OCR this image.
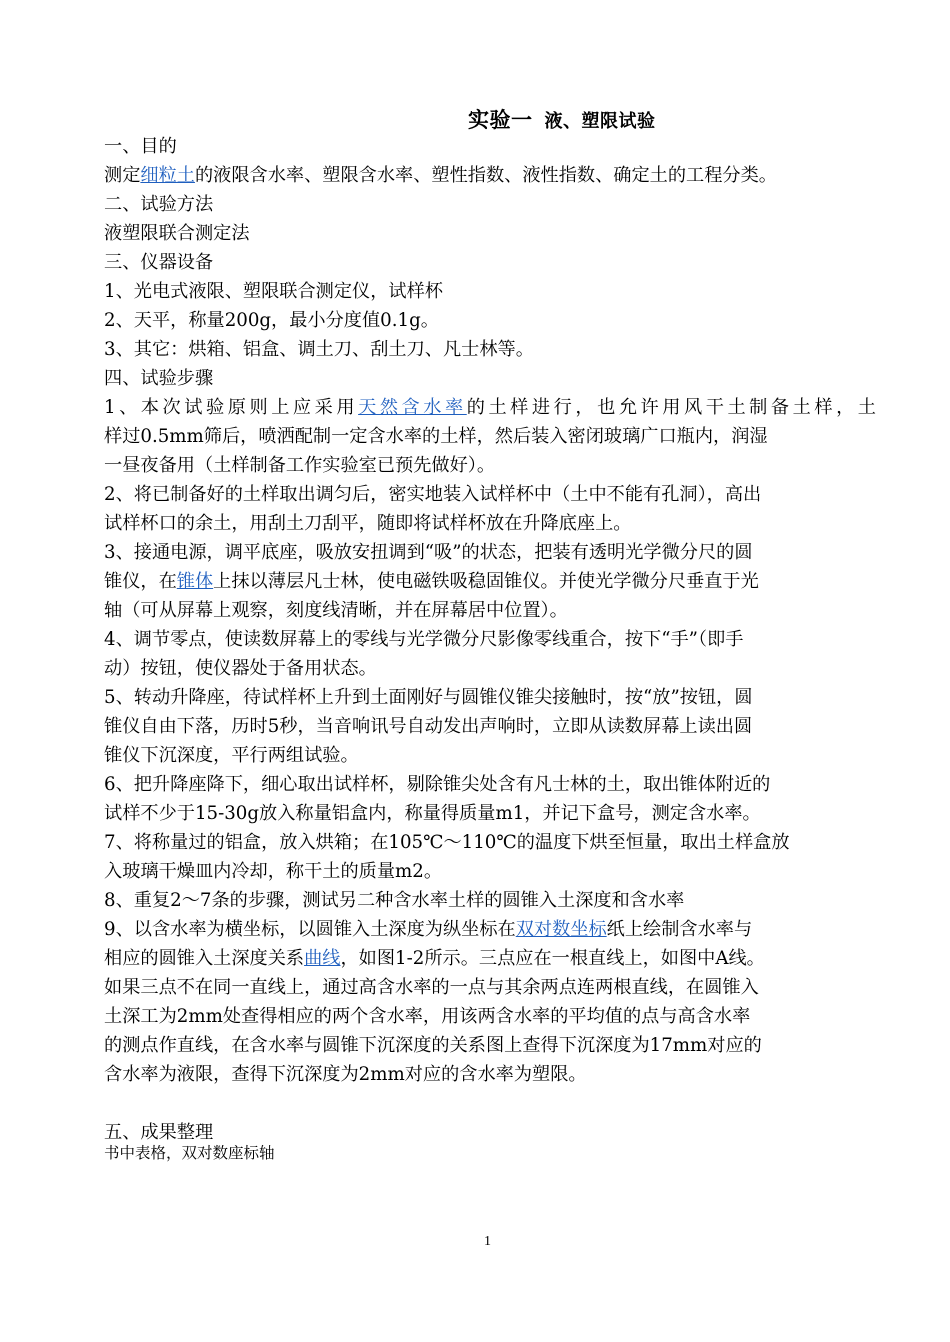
实验一 液、塑限试验
一、目的
测定细粒土的液限含水率、塑限含水率、塑性指数、液性指数、确定土的工程分类。
二、试验方法
液塑限联合测定法
三、仪器设备
1、光电式液限、塑限联合测定仪，试样杯
2、天平，称量200g，最小分度值0.1g。
3、其它：烘箱、铝盒、调土刀、刮土刀、凡士林等。
四、试验步骤
1、本次试验原则上应采用天然含水率的土样进行，也允许用风干土制备土样，土
样过0.5mm筛后，喷洒配制一定含水率的土样，然后装入密闭玻璃广口瓶内，润湿
一昼夜备用（土样制备工作实验室已预先做好）。
2、将已制备好的土样取出调匀后，密实地装入试样杯中（土中不能有孔洞），高出
试样杯口的余土，用刮土刀刮平，随即将试样杯放在升降底座上。
3、接通电源，调平底座，吸放安扭调到“吸”的状态，把装有透明光学微分尺的圆
锥仪，在锥体上抹以薄层凡士林，使电磁铁吸稳固锥仪。并使光学微分尺垂直于光
轴（可从屏幕上观察，刻度线清晰，并在屏幕居中位置）。
4、调节零点，使读数屏幕上的零线与光学微分尺影像零线重合，按下“手”（即手
动）按钮，使仪器处于备用状态。
5、转动升降座，待试样杯上升到土面刚好与圆锥仪锥尖接触时，按“放”按钮，圆
锥仪自由下落，历时5秒，当音响讯号自动发出声响时，立即从读数屏幕上读出圆
锥仪下沉深度，平行两组试验。
6、把升降座降下，细心取出试样杯，剔除锥尖处含有凡士林的土，取出锥体附近的
试样不少于15-30g放入称量铝盒内，称量得质量m1，并记下盒号，测定含水率。
7、将称量过的铝盒，放入烘箱；在105℃～110℃的温度下烘至恒量，取出土样盒放
入玻璃干燥皿内冷却，称干土的质量m2。
8、重复2～7条的步骤，测试另二种含水率土样的圆锥入土深度和含水率
9、以含水率为横坐标，以圆锥入土深度为纵坐标在双对数坐标纸上绘制含水率与
相应的圆锥入土深度关系曲线，如图1-2所示。三点应在一根直线上，如图中A线。
如果三点不在同一直线上，通过高含水率的一点与其余两点连两根直线，在圆锥入
土深工为2mm处查得相应的两个含水率，用该两含水率的平均值的点与高含水率
的测点作直线，在含水率与圆锥下沉深度的关系图上查得下沉深度为17mm对应的
含水率为液限，查得下沉深度为2mm对应的含水率为塑限。
五、成果整理
书中表格，双对数座标轴
1
